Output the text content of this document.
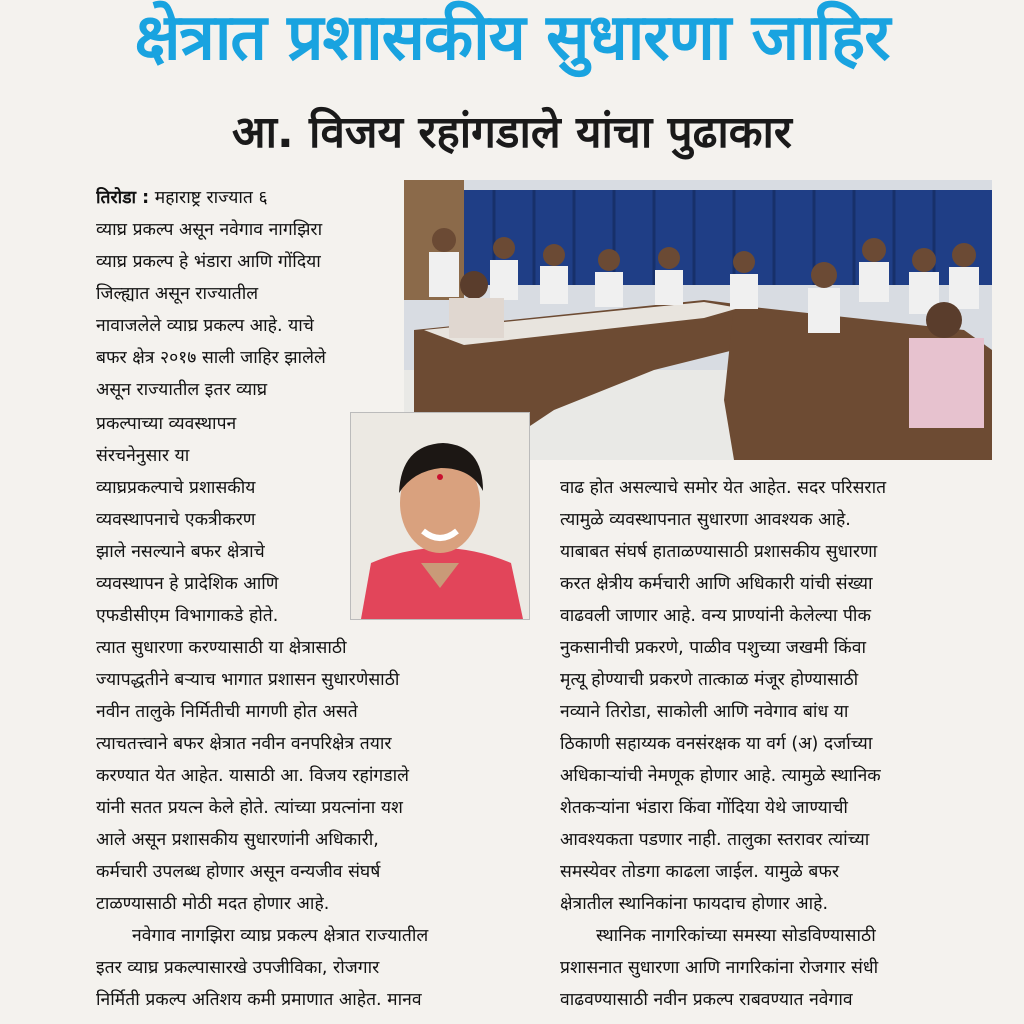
क्षेत्रात प्रशासकीय सुधारणा जाहिर
आ. विजय रहांगडाले यांचा पुढाकार
तिरोडा : महाराष्ट्र राज्यात ६
व्याघ्र प्रकल्प असून नवेगाव नागझिरा
व्याघ्र प्रकल्प हे भंडारा आणि गोंदिया
जिल्ह्यात असून राज्यातील
नावाजलेले व्याघ्र प्रकल्प आहे. याचे
बफर क्षेत्र २०१७ साली जाहिर झालेले
असून राज्यातील इतर व्याघ्र
प्रकल्पाच्या व्यवस्थापन
संरचनेनुसार या
व्याघ्रप्रकल्पाचे प्रशासकीय
व्यवस्थापनाचे एकत्रीकरण
झाले नसल्याने बफर क्षेत्राचे
व्यवस्थापन हे प्रादेशिक आणि
एफडीसीएम विभागाकडे होते.
त्यात सुधारणा करण्यासाठी या क्षेत्रासाठी
ज्यापद्धतीने बऱ्याच भागात प्रशासन सुधारणेसाठी
नवीन तालुके निर्मितीची मागणी होत असते
त्याचतत्त्वाने बफर क्षेत्रात नवीन वनपरिक्षेत्र तयार
करण्यात येत आहेत. यासाठी आ. विजय रहांगडाले
यांनी सतत प्रयत्न केले होते. त्यांच्या प्रयत्नांना यश
आले असून प्रशासकीय सुधारणांनी अधिकारी,
कर्मचारी उपलब्ध होणार असून वन्यजीव संघर्ष
टाळण्यासाठी मोठी मदत होणार आहे.
नवेगाव नागझिरा व्याघ्र प्रकल्प क्षेत्रात राज्यातील
इतर व्याघ्र प्रकल्पासारखे उपजीविका, रोजगार
निर्मिती प्रकल्प अतिशय कमी प्रमाणात आहेत. मानव
वाढ होत असल्याचे समोर येत आहेत. सदर परिसरात
त्यामुळे व्यवस्थापनात सुधारणा आवश्यक आहे.
याबाबत संघर्ष हाताळण्यासाठी प्रशासकीय सुधारणा
करत क्षेत्रीय कर्मचारी आणि अधिकारी यांची संख्या
वाढवली जाणार आहे. वन्य प्राण्यांनी केलेल्या पीक
नुकसानीची प्रकरणे, पाळीव पशुच्या जखमी किंवा
मृत्यू होण्याची प्रकरणे तात्काळ मंजूर होण्यासाठी
नव्याने तिरोडा, साकोली आणि नवेगाव बांध या
ठिकाणी सहाय्यक वनसंरक्षक या वर्ग (अ) दर्जाच्या
अधिकाऱ्यांची नेमणूक होणार आहे. त्यामुळे स्थानिक
शेतकऱ्यांना भंडारा किंवा गोंदिया येथे जाण्याची
आवश्यकता पडणार नाही. तालुका स्तरावर त्यांच्या
समस्येवर तोडगा काढला जाईल. यामुळे बफर
क्षेत्रातील स्थानिकांना फायदाच होणार आहे.
स्थानिक नागरिकांच्या समस्या सोडविण्यासाठी
प्रशासनात सुधारणा आणि नागरिकांना रोजगार संधी
वाढवण्यासाठी नवीन प्रकल्प राबवण्यात नवेगाव
